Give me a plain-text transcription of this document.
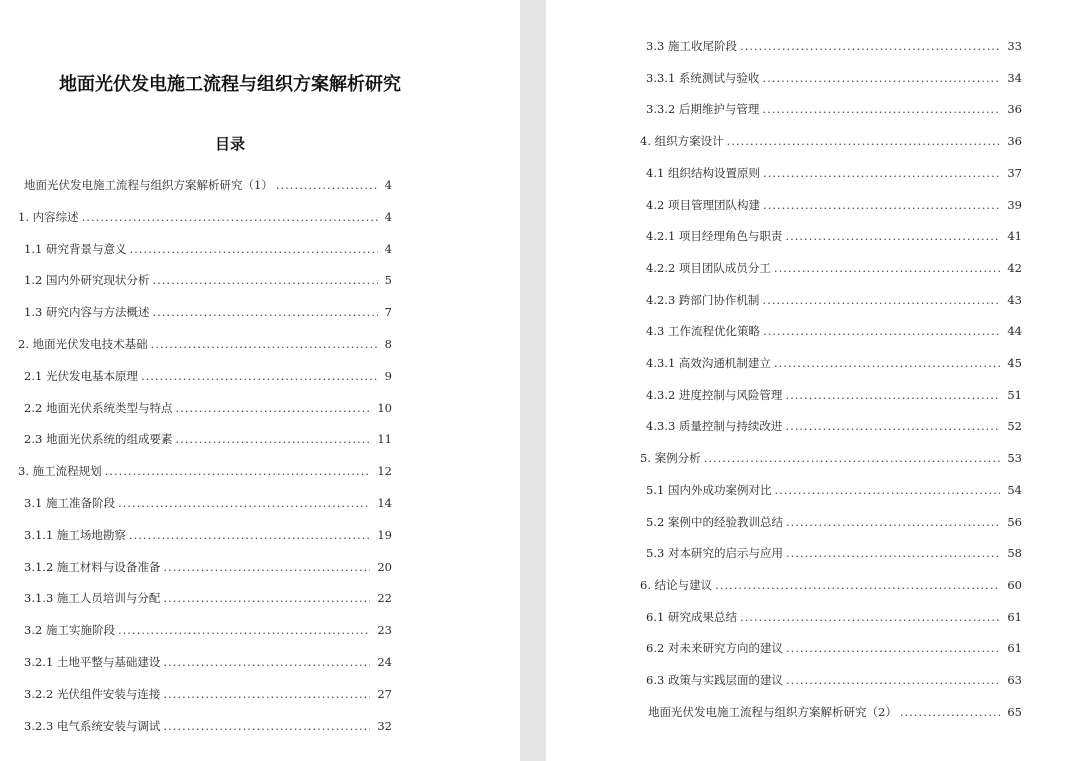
地面光伏发电施工流程与组织方案解析研究
目录
地面光伏发电施工流程与组织方案解析研究（1） .....	4
1. 内容综述 .....	4
1.1 研究背景与意义 .....	4
1.2 国内外研究现状分析 .....	5
1.3 研究内容与方法概述 .....	7
2. 地面光伏发电技术基础 .....	8
2.1 光伏发电基本原理 .....	9
2.2 地面光伏系统类型与特点 .....	10
2.3 地面光伏系统的组成要素 .....	11
3. 施工流程规划 .....	12
3.1 施工准备阶段 .....	14
3.1.1 施工场地勘察 .....	19
3.1.2 施工材料与设备准备 .....	20
3.1.3 施工人员培训与分配 .....	22
3.2 施工实施阶段 .....	23
3.2.1 土地平整与基础建设 .....	24
3.2.2 光伏组件安装与连接 .....	27
3.2.3 电气系统安装与调试 .....	32
3.3 施工收尾阶段 .....	33
3.3.1 系统测试与验收 .....	34
3.3.2 后期维护与管理 .....	36
4. 组织方案设计 .....	36
4.1 组织结构设置原则 .....	37
4.2 项目管理团队构建 .....	39
4.2.1 项目经理角色与职责 .....	41
4.2.2 项目团队成员分工 .....	42
4.2.3 跨部门协作机制 .....	43
4.3 工作流程优化策略 .....	44
4.3.1 高效沟通机制建立 .....	45
4.3.2 进度控制与风险管理 .....	51
4.3.3 质量控制与持续改进 .....	52
5. 案例分析 .....	53
5.1 国内外成功案例对比 .....	54
5.2 案例中的经验教训总结 .....	56
5.3 对本研究的启示与应用 .....	58
6. 结论与建议 .....	60
6.1 研究成果总结 .....	61
6.2 对未来研究方向的建议 .....	61
6.3 政策与实践层面的建议 .....	63
地面光伏发电施工流程与组织方案解析研究（2） .....	65
